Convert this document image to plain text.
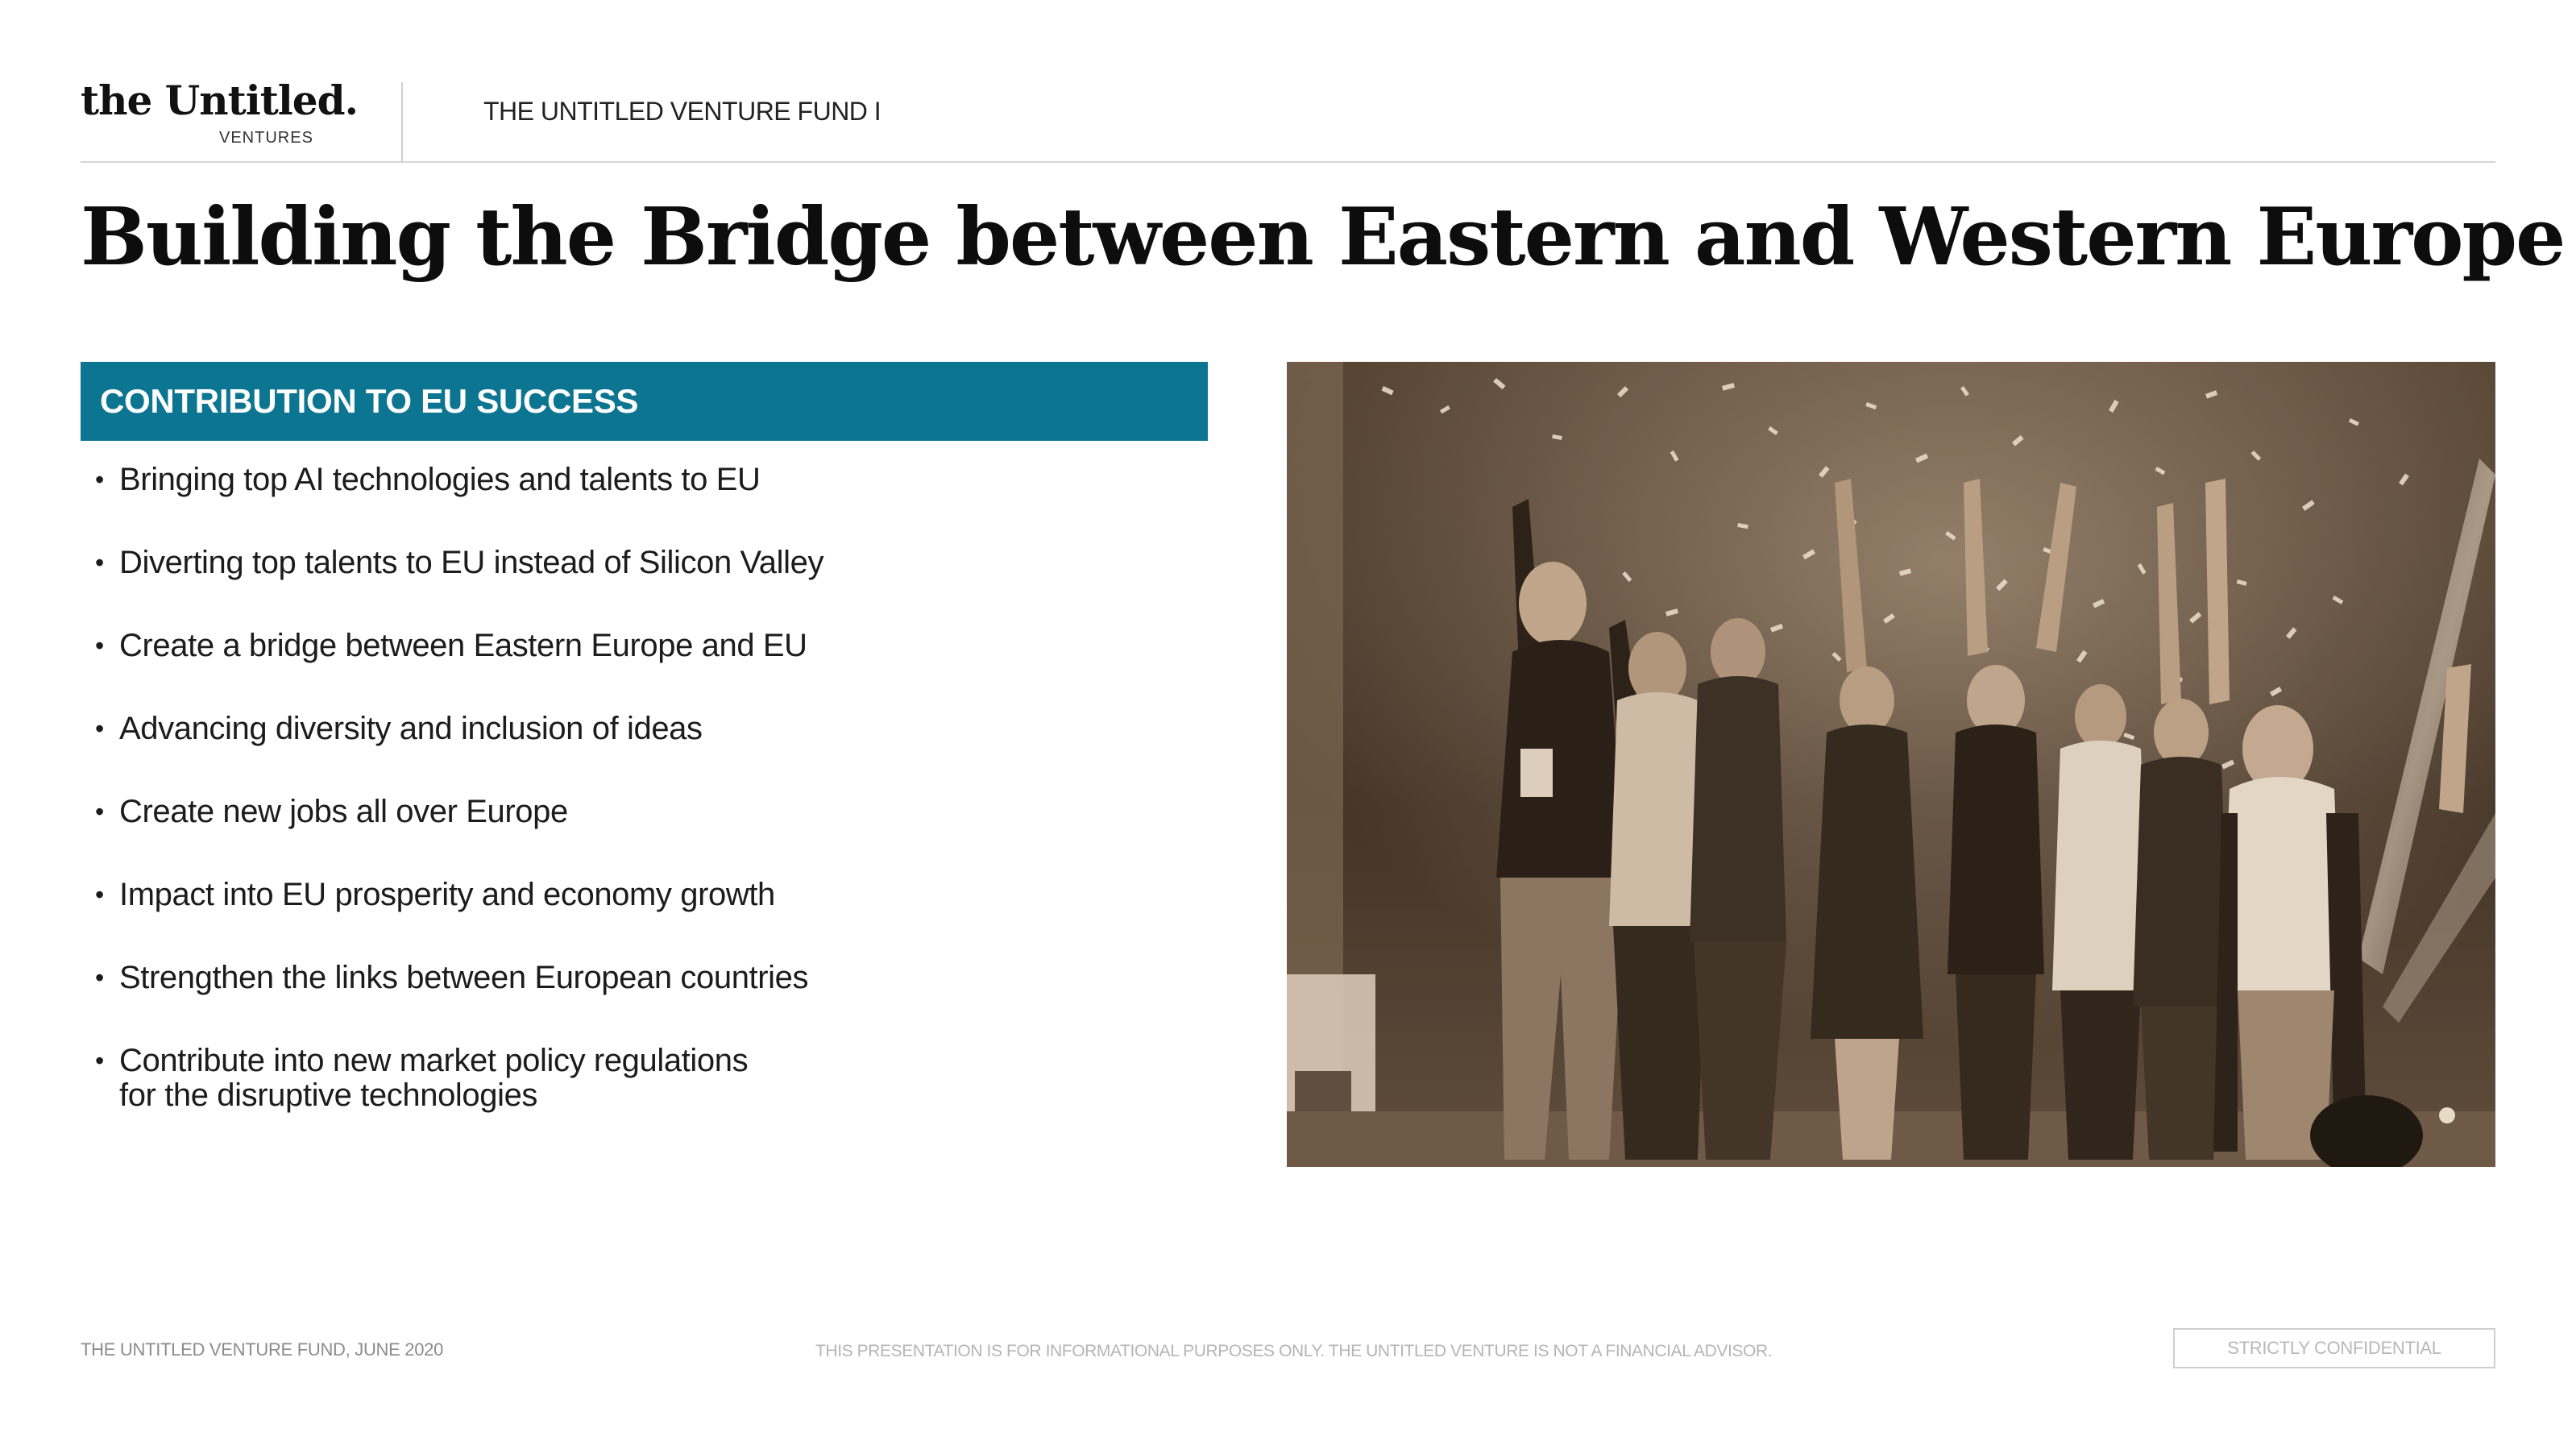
the Untitled.
VENTURES
THE UNTITLED VENTURE FUND I
Building the Bridge between Eastern and Western Europe
CONTRIBUTION TO EU SUCCESS
• Bringing top AI technologies and talents to EU
• Diverting top talents to EU instead of Silicon Valley
• Create a bridge between Eastern Europe and EU
• Advancing diversity and inclusion of ideas
• Create new jobs all over Europe
• Impact into EU prosperity and economy growth
• Strengthen the links between European countries
• Contribute into new market policy regulations
for the disruptive technologies
THE UNTITLED VENTURE FUND, JUNE 2020	THIS PRESENTATION IS FOR INFORMATIONAL PURPOSES ONLY. THE UNTITLED VENTURE IS NOT A FINANCIAL ADVISOR.	STRICTLY CONFIDENTIAL
